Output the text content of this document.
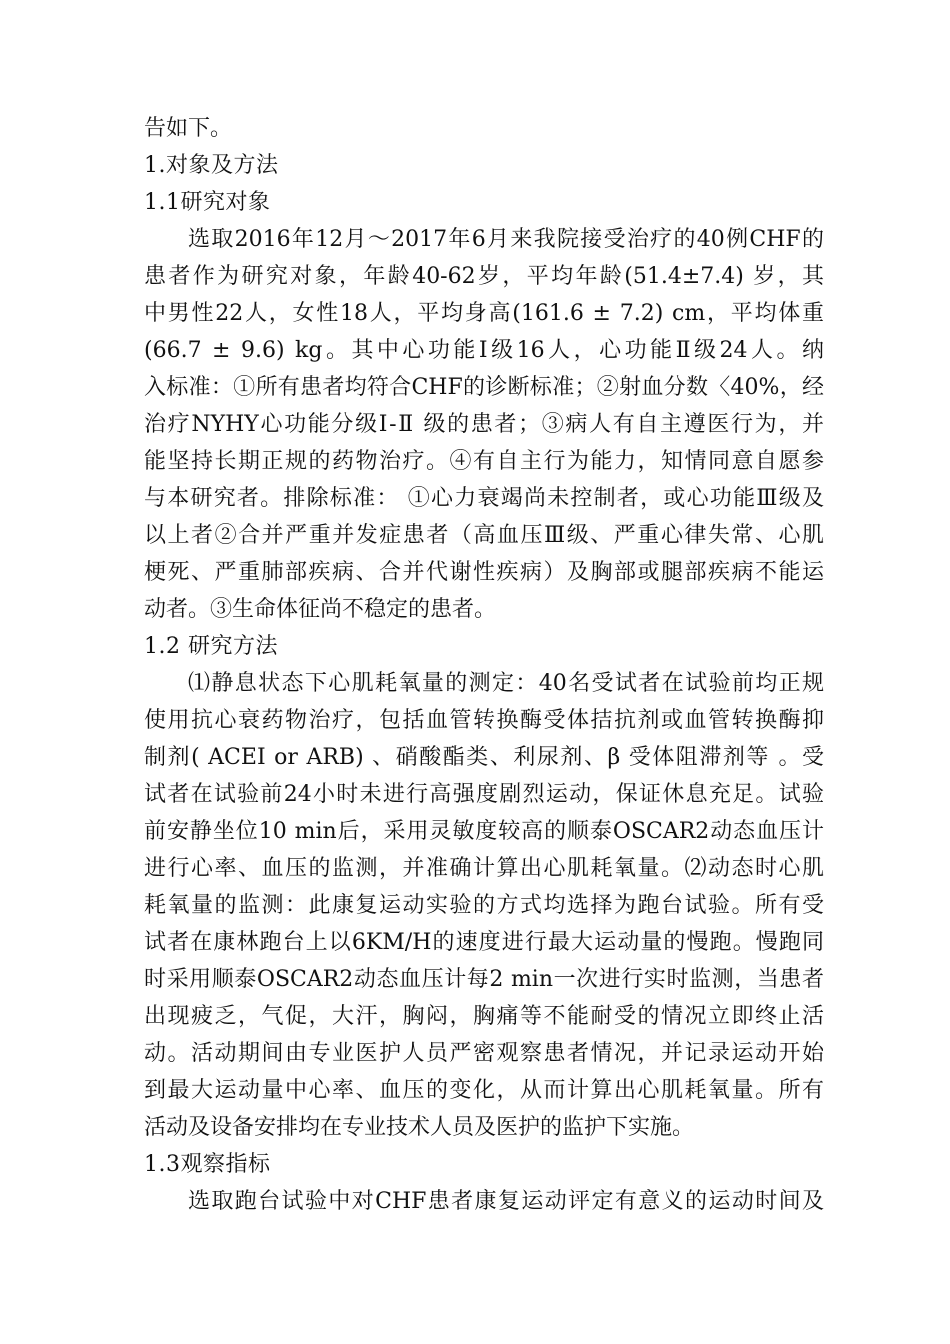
告如下。
1.对象及方法
1.1研究对象
选取2016年12月～2017年6月来我院接受治疗的40例CHF的
患者作为研究对象，年龄40-62岁，平均年龄(51.4±7.4) 岁，其
中男性22人，女性18人，平均身高(161.6 ± 7.2) cm，平均体重
(66.7 ± 9.6) kg。其中心功能Ⅰ级16人，心功能Ⅱ级24人。纳
入标准：①所有患者均符合CHF的诊断标准；②射血分数〈40%，经
治疗NYHY心功能分级Ⅰ-Ⅱ 级的患者；③病人有自主遵医行为，并
能坚持长期正规的药物治疗。④有自主行为能力，知情同意自愿参
与本研究者。排除标准： ①心力衰竭尚未控制者，或心功能Ⅲ级及
以上者②合并严重并发症患者（高血压Ⅲ级、严重心律失常、心肌
梗死、严重肺部疾病、合并代谢性疾病）及胸部或腿部疾病不能运
动者。③生命体征尚不稳定的患者。
1.2 研究方法
⑴静息状态下心肌耗氧量的测定：40名受试者在试验前均正规
使用抗心衰药物治疗，包括血管转换酶受体拮抗剂或血管转换酶抑
制剂( ACEI or ARB) 、硝酸酯类、利尿剂、β 受体阻滞剂等 。受
试者在试验前24小时未进行高强度剧烈运动，保证休息充足。试验
前安静坐位10 min后，采用灵敏度较高的顺泰OSCAR2动态血压计
进行心率、血压的监测，并准确计算出心肌耗氧量。⑵动态时心肌
耗氧量的监测：此康复运动实验的方式均选择为跑台试验。所有受
试者在康林跑台上以6KM/H的速度进行最大运动量的慢跑。慢跑同
时采用顺泰OSCAR2动态血压计每2 min一次进行实时监测，当患者
出现疲乏，气促，大汗，胸闷，胸痛等不能耐受的情况立即终止活
动。活动期间由专业医护人员严密观察患者情况，并记录运动开始
到最大运动量中心率、血压的变化，从而计算出心肌耗氧量。所有
活动及设备安排均在专业技术人员及医护的监护下实施。
1.3观察指标
选取跑台试验中对CHF患者康复运动评定有意义的运动时间及
